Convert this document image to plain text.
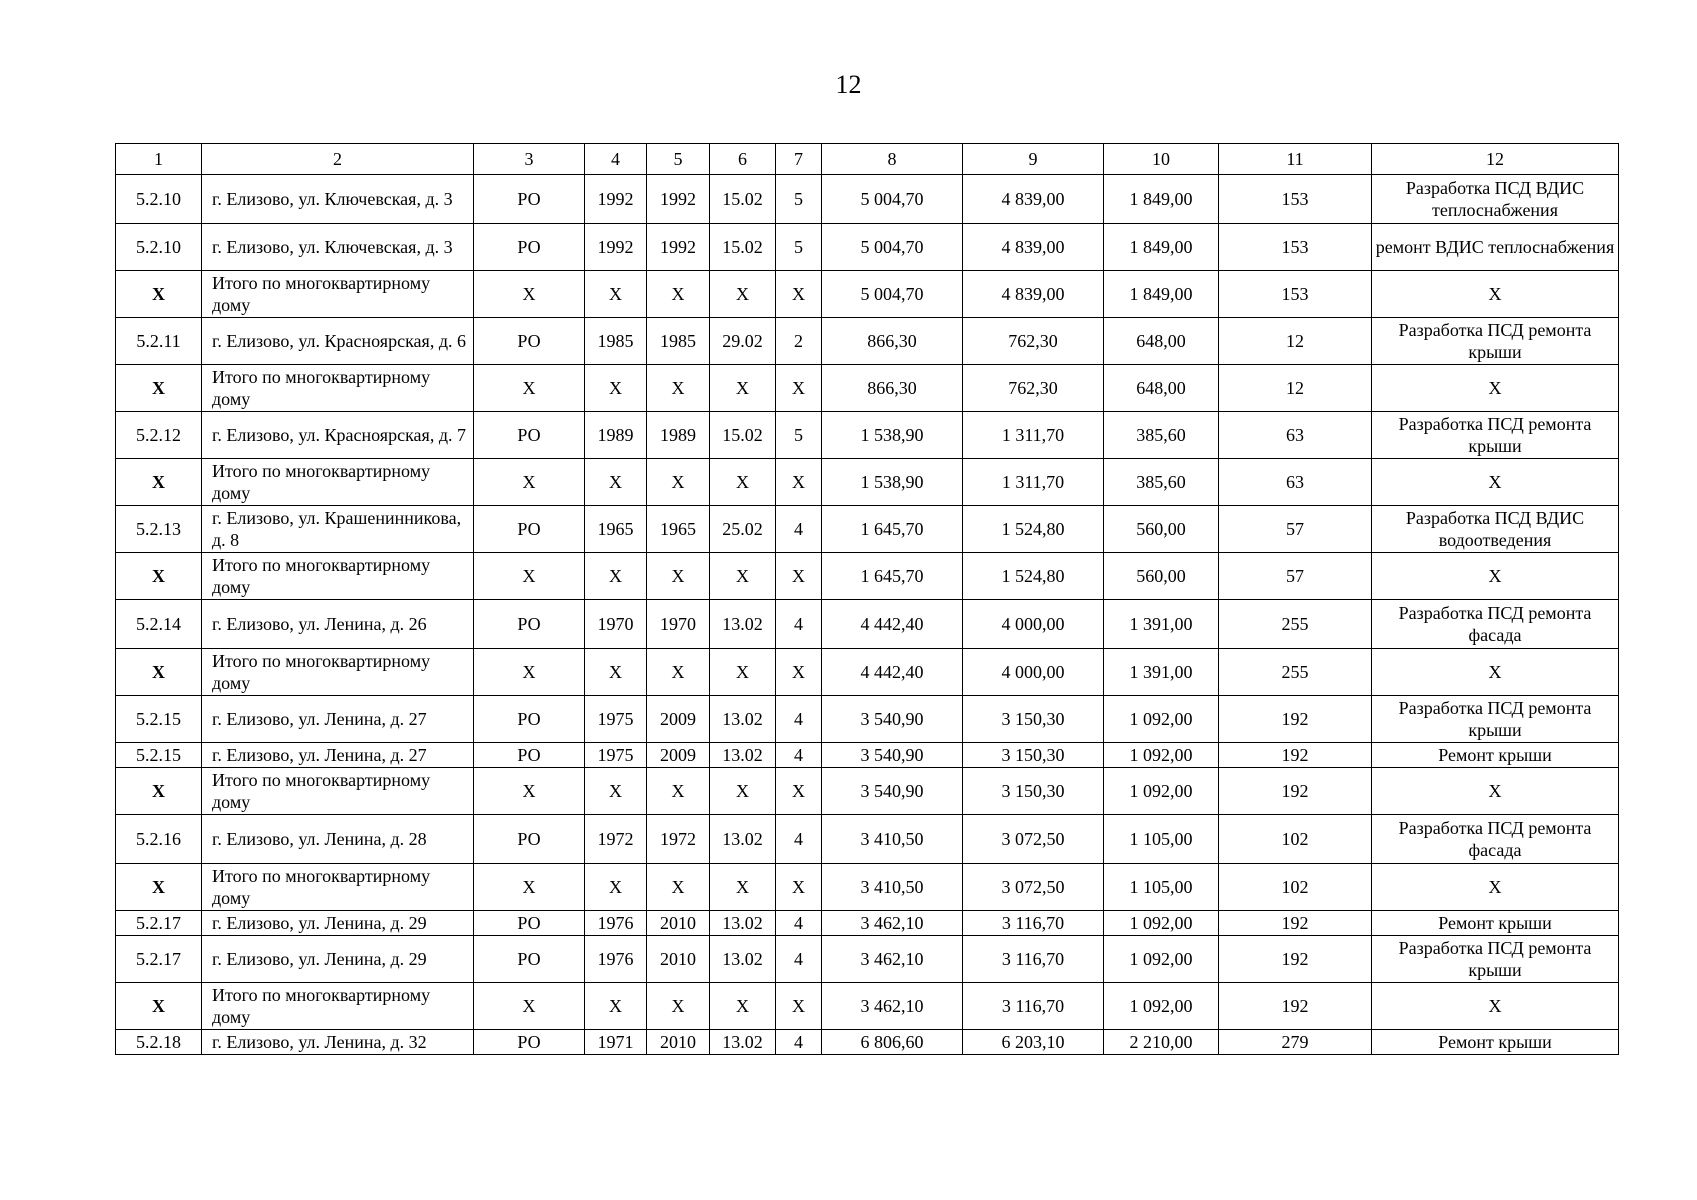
12
1	2	3	4	5	6	7	8	9	10	11	12
5.2.10	г. Елизово, ул. Ключевская, д. 3	РО	1992	1992	15.02	5	5 004,70	4 839,00	1 849,00	153	Разработка ПСД ВДИС теплоснабжения
5.2.10	г. Елизово, ул. Ключевская, д. 3	РО	1992	1992	15.02	5	5 004,70	4 839,00	1 849,00	153	ремонт ВДИС теплоснабжения
X	Итого по многоквартирному дому	X	X	X	X	X	5 004,70	4 839,00	1 849,00	153	X
5.2.11	г. Елизово, ул. Красноярская, д. 6	РО	1985	1985	29.02	2	866,30	762,30	648,00	12	Разработка ПСД ремонта крыши
X	Итого по многоквартирному дому	X	X	X	X	X	866,30	762,30	648,00	12	X
5.2.12	г. Елизово, ул. Красноярская, д. 7	РО	1989	1989	15.02	5	1 538,90	1 311,70	385,60	63	Разработка ПСД ремонта крыши
X	Итого по многоквартирному дому	X	X	X	X	X	1 538,90	1 311,70	385,60	63	X
5.2.13	г. Елизово, ул. Крашенинникова, д. 8	РО	1965	1965	25.02	4	1 645,70	1 524,80	560,00	57	Разработка ПСД ВДИС водоотведения
X	Итого по многоквартирному дому	X	X	X	X	X	1 645,70	1 524,80	560,00	57	X
5.2.14	г. Елизово, ул. Ленина, д. 26	РО	1970	1970	13.02	4	4 442,40	4 000,00	1 391,00	255	Разработка ПСД ремонта фасада
X	Итого по многоквартирному дому	X	X	X	X	X	4 442,40	4 000,00	1 391,00	255	X
5.2.15	г. Елизово, ул. Ленина, д. 27	РО	1975	2009	13.02	4	3 540,90	3 150,30	1 092,00	192	Разработка ПСД ремонта крыши
5.2.15	г. Елизово, ул. Ленина, д. 27	РО	1975	2009	13.02	4	3 540,90	3 150,30	1 092,00	192	Ремонт крыши
X	Итого по многоквартирному дому	X	X	X	X	X	3 540,90	3 150,30	1 092,00	192	X
5.2.16	г. Елизово, ул. Ленина, д. 28	РО	1972	1972	13.02	4	3 410,50	3 072,50	1 105,00	102	Разработка ПСД ремонта фасада
X	Итого по многоквартирному дому	X	X	X	X	X	3 410,50	3 072,50	1 105,00	102	X
5.2.17	г. Елизово, ул. Ленина, д. 29	РО	1976	2010	13.02	4	3 462,10	3 116,70	1 092,00	192	Ремонт крыши
5.2.17	г. Елизово, ул. Ленина, д. 29	РО	1976	2010	13.02	4	3 462,10	3 116,70	1 092,00	192	Разработка ПСД ремонта крыши
X	Итого по многоквартирному дому	X	X	X	X	X	3 462,10	3 116,70	1 092,00	192	X
5.2.18	г. Елизово, ул. Ленина, д. 32	РО	1971	2010	13.02	4	6 806,60	6 203,10	2 210,00	279	Ремонт крыши
